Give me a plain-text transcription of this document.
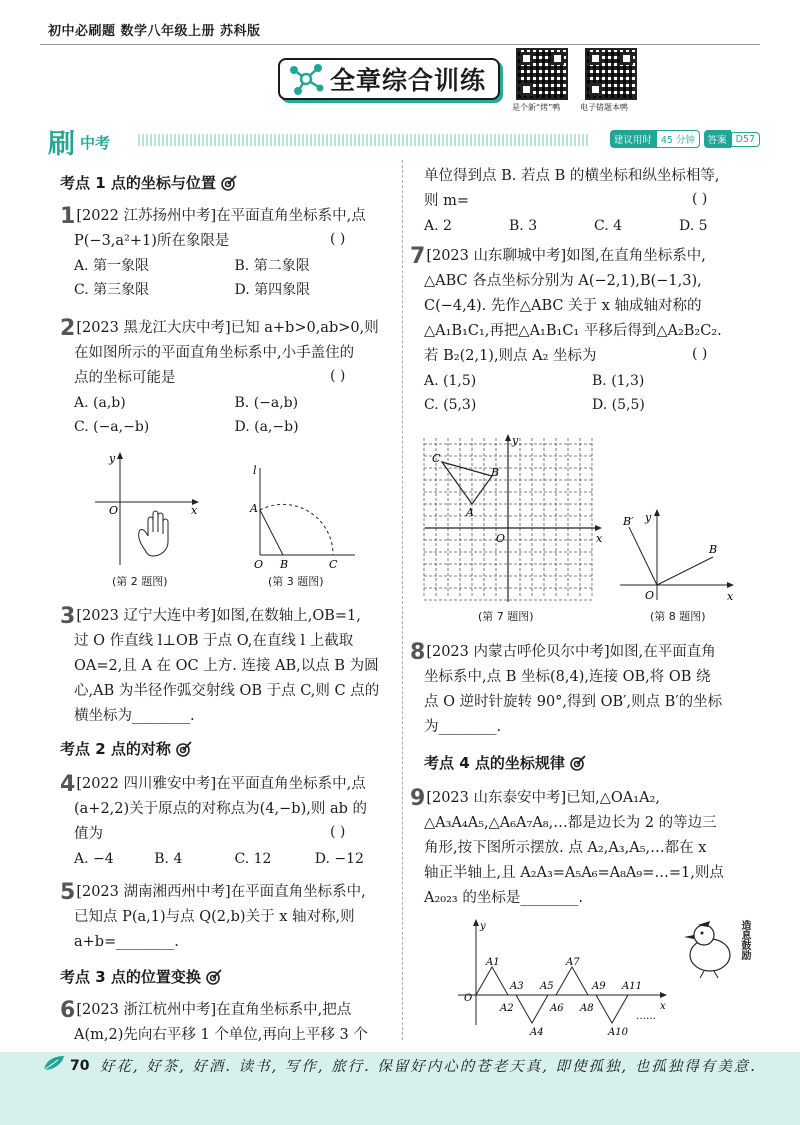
初中必刷题 数学八年级上册 苏科版
全章综合训练
是个新“烤”鸭 电子错题本鸭
刷 中考	建议用时 45 分钟	答案 D57
考点 1 点的坐标与位置
1 [2022 江苏扬州中考]在平面直角坐标系中,点
P(−3,a²+1)所在象限是
A. 第一象限	B. 第二象限
C. 第三象限	D. 第四象限
( )
2 [2023 黑龙江大庆中考]已知 a+b>0,ab>0,则
在如图所示的平面直角坐标系中,小手盖住的
点的坐标可能是
A. (a,b)	B. (−a,b)
C. (−a,−b)	D. (a,−b)
( )
y
x
O
(第 2 题图)
l
A
O B	C
(第 3 题图)
3 [2023 辽宁大连中考]如图,在数轴上,OB=1,
过 O 作直线 l⊥OB 于点 O,在直线 l 上截取
OA=2,且 A 在 OC 上方. 连接 AB,以点 B 为圆
心,AB 为半径作弧交射线 OB 于点 C,则 C 点的
横坐标为________.
考点 2 点的对称
4 [2022 四川雅安中考]在平面直角坐标系中,点
(a+2,2)关于原点的对称点为(4,−b),则 ab 的
值为
A. −4	B. 4	C. 12	D. −12
( )
5 [2023 湖南湘西州中考]在平面直角坐标系中,
已知点 P(a,1)与点 Q(2,b)关于 x 轴对称,则
a+b=________.
考点 3 点的位置变换
6 [2023 浙江杭州中考]在直角坐标系中,把点
A(m,2)先向右平移 1 个单位,再向上平移 3 个
单位得到点 B. 若点 B 的横坐标和纵坐标相等,
则 m=
A. 2	B. 3	C. 4	D. 5
( )
7 [2023 山东聊城中考]如图,在直角坐标系中,
△ABC 各点坐标分别为 A(−2,1),B(−1,3),
C(−4,4). 先作△ABC 关于 x 轴成轴对称的
△A₁B₁C₁,再把△A₁B₁C₁ 平移后得到△A₂B₂C₂.
若 B₂(2,1),则点 A₂ 坐标为
A. (1,5)	B. (1,3)
C. (5,3)	D. (5,5)
( )
x
y
O
A
B
C
(第 7 题图)
y
x
O
B
B′
(第 8 题图)
8 [2023 内蒙古呼伦贝尔中考]如图,在平面直角
坐标系中,点 B 坐标(8,4),连接 OB,将 OB 绕
点 O 逆时针旋转 90°,得到 OB′,则点 B′的坐标
为________.
考点 4 点的坐标规律
9 [2023 山东泰安中考]已知,△OA₁A₂,
△A₃A₄A₅,△A₆A₇A₈,…都是边长为 2 的等边三
角形,按下图所示摆放. 点 A₂,A₃,A₅,…都在 x
轴正半轴上,且 A₂A₃=A₅A₆=A₈A₉=…=1,则点
A₂₀₂₃ 的坐标是________.
x
y
O
A1
A2
A3
A4
A5
A6
A7
A8
A9
A10
A11
……
造息鼓励
70 好花, 好茶, 好酒. 读书, 写作, 旅行. 保留好内心的苍老天真, 即使孤独, 也孤独得有美意.
